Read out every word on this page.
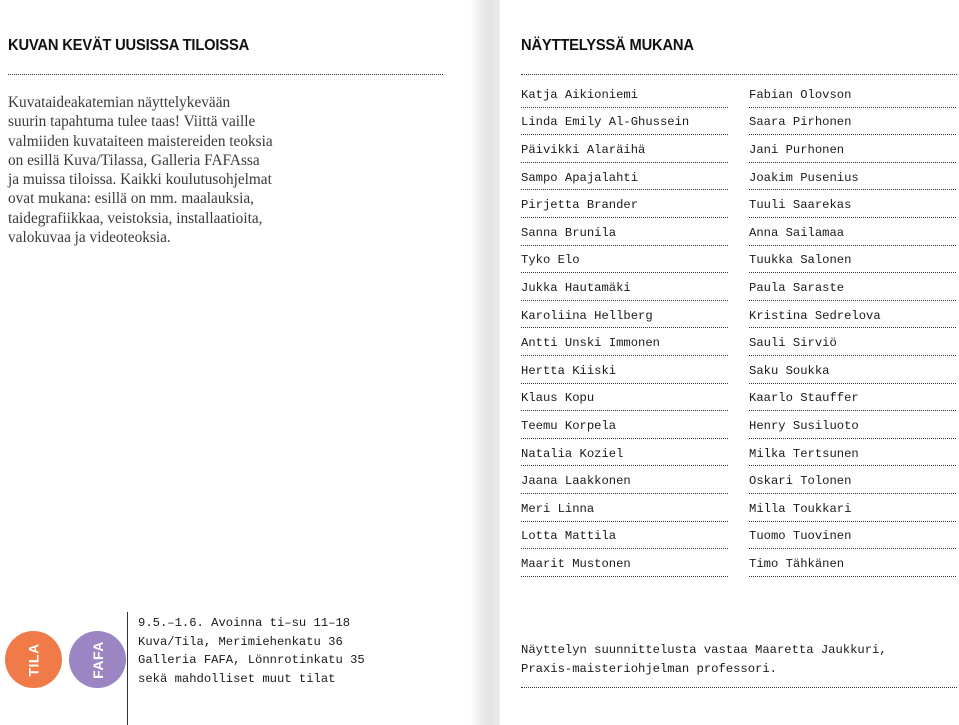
KUVAN KEVÄT UUSISSA TILOISSA

Kuvataideakatemian näyttelykevään
suurin tapahtuma tulee taas! Viittä vaille
valmiiden kuvataiteen maistereiden teoksia
on esillä Kuva/Tilassa, Galleria FAFAssa
ja muissa tiloissa. Kaikki koulutusohjelmat
ovat mukana: esillä on mm. maalauksia,
taidegrafiikkaa, veistoksia, installaatioita,
valokuvaa ja videoteoksia.

TILA	FAFA

9.5.–1.6. Avoinna ti–su 11–18
Kuva/Tila, Merimiehenkatu 36
Galleria FAFA, Lönnrotinkatu 35
sekä mahdolliset muut tilat

NÄYTTELYSSÄ MUKANA
Katja Aikioniemi
Linda Emily Al-Ghussein
Päivikki Alaräihä
Sampo Apajalahti
Pirjetta Brander
Sanna Brunila
Tyko Elo
Jukka Hautamäki
Karoliina Hellberg
Antti Unski Immonen
Hertta Kiiski
Klaus Kopu
Teemu Korpela
Natalia Koziel
Jaana Laakkonen
Meri Linna
Lotta Mattila
Maarit Mustonen
Fabian Olovson
Saara Pirhonen
Jani Purhonen
Joakim Pusenius
Tuuli Saarekas
Anna Sailamaa
Tuukka Salonen
Paula Saraste
Kristina Sedrelova
Sauli Sirviö
Saku Soukka
Kaarlo Stauffer
Henry Susiluoto
Milka Tertsunen
Oskari Tolonen
Milla Toukkari
Tuomo Tuovinen
Timo Tähkänen

Näyttelyn suunnittelusta vastaa Maaretta Jaukkuri,
Praxis-maisteriohjelman professori.
